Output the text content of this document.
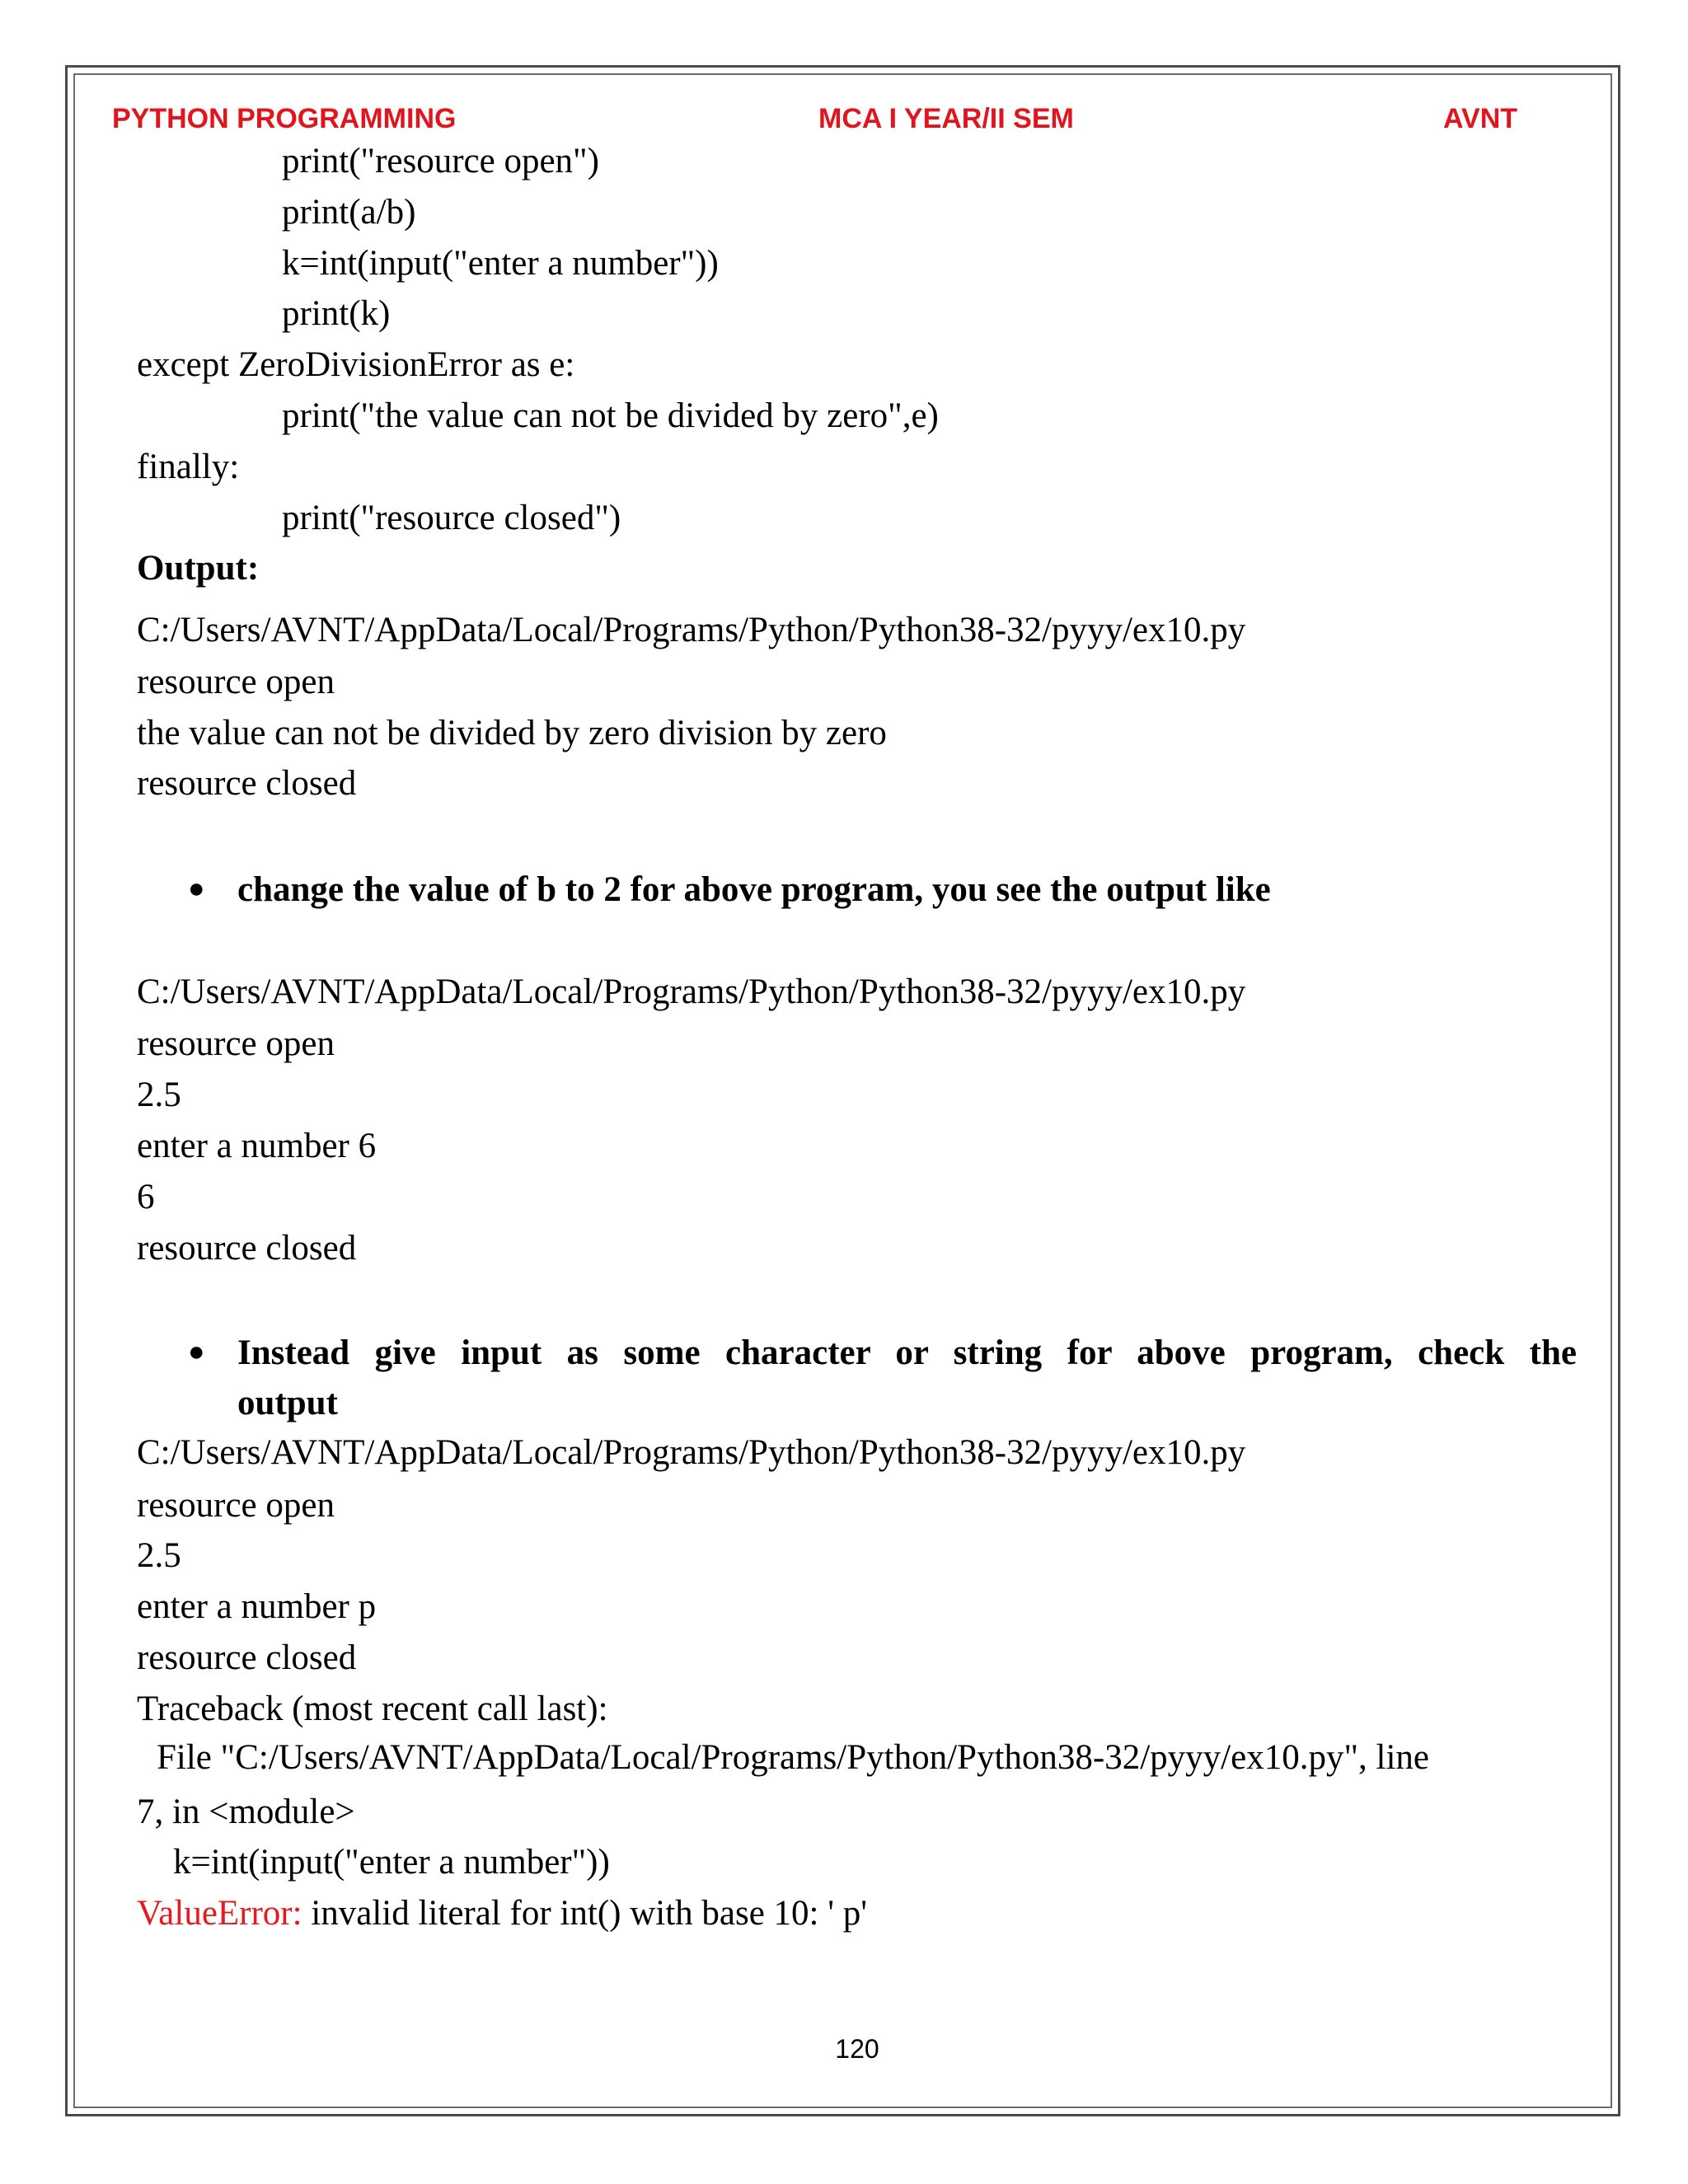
PYTHON PROGRAMMING	MCA I YEAR/II SEM	AVNT
print("resource open")
print(a/b)
k=int(input("enter a number"))
print(k)
except ZeroDivisionError as e:
print("the value can not be divided by zero",e)
finally:
print("resource closed")
Output:
C:/Users/AVNT/AppData/Local/Programs/Python/Python38-32/pyyy/ex10.py
resource open
the value can not be divided by zero division by zero
resource closed
● change the value of b to 2 for above program, you see the output like
C:/Users/AVNT/AppData/Local/Programs/Python/Python38-32/pyyy/ex10.py
resource open
2.5
enter a number 6
6
resource closed
● Instead give input as some character or string for above program, check the
output
C:/Users/AVNT/AppData/Local/Programs/Python/Python38-32/pyyy/ex10.py
resource open
2.5
enter a number p
resource closed
Traceback (most recent call last):
File "C:/Users/AVNT/AppData/Local/Programs/Python/Python38-32/pyyy/ex10.py", line
7, in <module>
k=int(input("enter a number"))
ValueError: invalid literal for int() with base 10: ' p'
120
